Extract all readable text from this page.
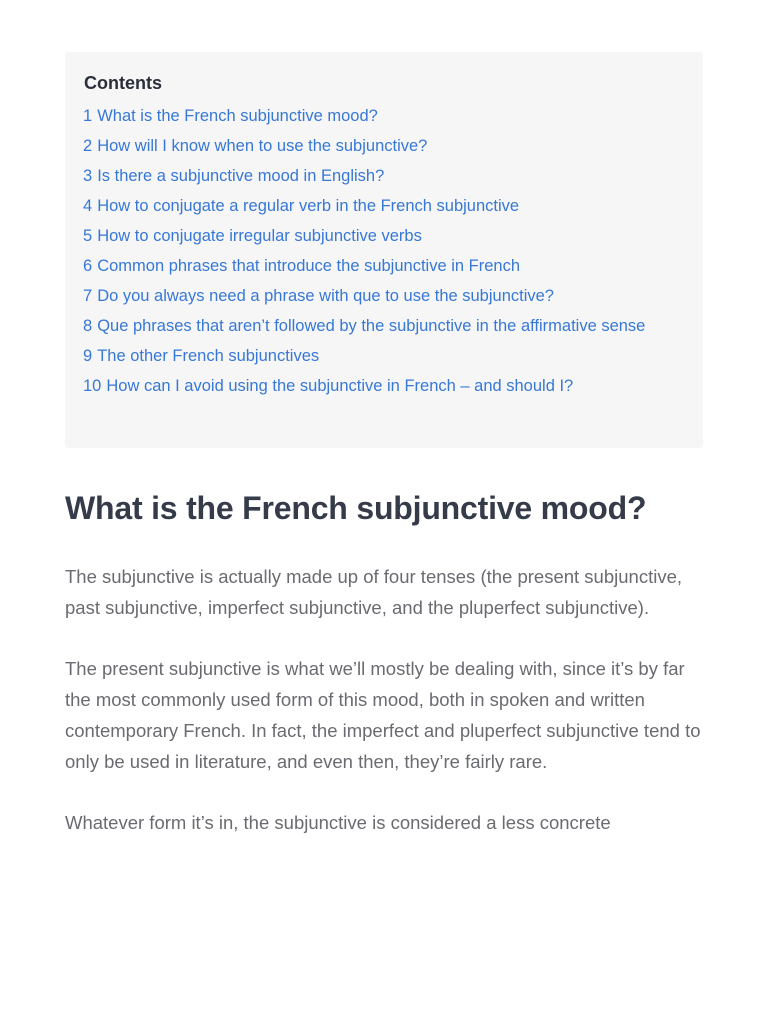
Contents
1 What is the French subjunctive mood?
2 How will I know when to use the subjunctive?
3 Is there a subjunctive mood in English?
4 How to conjugate a regular verb in the French subjunctive
5 How to conjugate irregular subjunctive verbs
6 Common phrases that introduce the subjunctive in French
7 Do you always need a phrase with que to use the subjunctive?
8 Que phrases that aren’t followed by the subjunctive in the affirmative sense
9 The other French subjunctives
10 How can I avoid using the subjunctive in French – and should I?
What is the French subjunctive mood?

The subjunctive is actually made up of four tenses (the present subjunctive, past subjunctive, imperfect subjunctive, and the pluperfect subjunctive).

The present subjunctive is what we’ll mostly be dealing with, since it’s by far the most commonly used form of this mood, both in spoken and written contemporary French. In fact, the imperfect and pluperfect subjunctive tend to only be used in literature, and even then, they’re fairly rare.

Whatever form it’s in, the subjunctive is considered a less concrete
